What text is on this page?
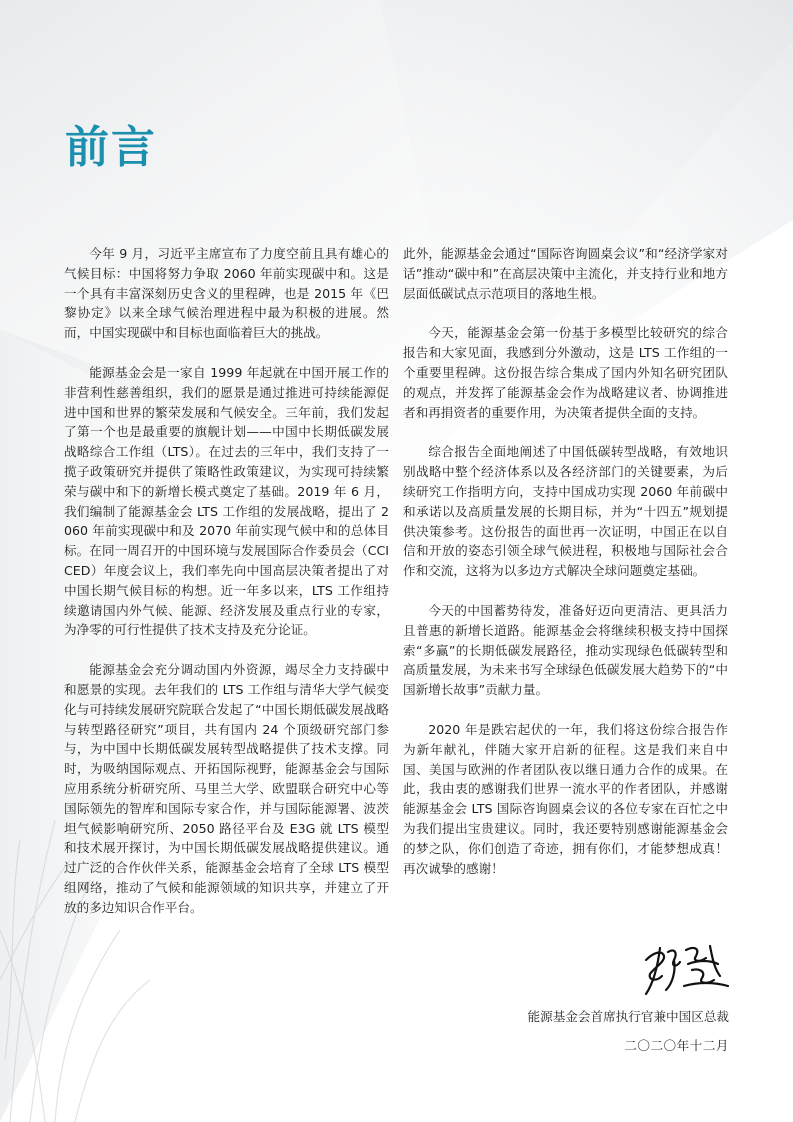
前言

今年 9 月，习近平主席宣布了力度空前且具有雄心的气候目标：中国将努力争取 2060 年前实现碳中和。这是一个具有丰富深刻历史含义的里程碑，也是 2015 年《巴黎协定》以来全球气候治理进程中最为积极的进展。然而，中国实现碳中和目标也面临着巨大的挑战。

能源基金会是一家自 1999 年起就在中国开展工作的非营利性慈善组织，我们的愿景是通过推进可持续能源促进中国和世界的繁荣发展和气候安全。三年前，我们发起了第一个也是最重要的旗舰计划——中国中长期低碳发展战略综合工作组（LTS）。在过去的三年中，我们支持了一揽子政策研究并提供了策略性政策建议，为实现可持续繁荣与碳中和下的新增长模式奠定了基础。2019 年 6 月，我们编制了能源基金会 LTS 工作组的发展战略，提出了 2060 年前实现碳中和及 2070 年前实现气候中和的总体目标。在同一周召开的中国环境与发展国际合作委员会（CCICED）年度会议上，我们率先向中国高层决策者提出了对中国长期气候目标的构想。近一年多以来，LTS 工作组持续邀请国内外气候、能源、经济发展及重点行业的专家，为净零的可行性提供了技术支持及充分论证。

能源基金会充分调动国内外资源，竭尽全力支持碳中和愿景的实现。去年我们的 LTS 工作组与清华大学气候变化与可持续发展研究院联合发起了“中国长期低碳发展战略与转型路径研究”项目，共有国内 24 个顶级研究部门参与，为中国中长期低碳发展转型战略提供了技术支撑。同时，为吸纳国际观点、开拓国际视野，能源基金会与国际应用系统分析研究所、马里兰大学、欧盟联合研究中心等国际领先的智库和国际专家合作，并与国际能源署、波茨坦气候影响研究所、2050 路径平台及 E3G 就 LTS 模型和技术展开探讨，为中国长期低碳发展战略提供建议。通过广泛的合作伙伴关系，能源基金会培育了全球 LTS 模型组网络，推动了气候和能源领域的知识共享，并建立了开放的多边知识合作平台。

此外，能源基金会通过“国际咨询圆桌会议”和“经济学家对话”推动“碳中和”在高层决策中主流化，并支持行业和地方层面低碳试点示范项目的落地生根。

今天，能源基金会第一份基于多模型比较研究的综合报告和大家见面，我感到分外激动，这是 LTS 工作组的一个重要里程碑。这份报告综合集成了国内外知名研究团队的观点，并发挥了能源基金会作为战略建议者、协调推进者和再捐资者的重要作用，为决策者提供全面的支持。

综合报告全面地阐述了中国低碳转型战略，有效地识别战略中整个经济体系以及各经济部门的关键要素，为后续研究工作指明方向，支持中国成功实现 2060 年前碳中和承诺以及高质量发展的长期目标，并为“十四五”规划提供决策参考。这份报告的面世再一次证明，中国正在以自信和开放的姿态引领全球气候进程，积极地与国际社会合作和交流，这将为以多边方式解决全球问题奠定基础。

今天的中国蓄势待发，准备好迈向更清洁、更具活力且普惠的新增长道路。能源基金会将继续积极支持中国探索“多赢”的长期低碳发展路径，推动实现绿色低碳转型和高质量发展，为未来书写全球绿色低碳发展大趋势下的“中国新增长故事”贡献力量。

2020 年是跌宕起伏的一年，我们将这份综合报告作为新年献礼，伴随大家开启新的征程。这是我们来自中国、美国与欧洲的作者团队夜以继日通力合作的成果。在此，我由衷的感谢我们世界一流水平的作者团队，并感谢能源基金会 LTS 国际咨询圆桌会议的各位专家在百忙之中为我们提出宝贵建议。同时，我还要特别感谢能源基金会的梦之队，你们创造了奇迹，拥有你们，才能梦想成真！再次诚挚的感谢！

能源基金会首席执行官兼中国区总裁
二〇二〇年十二月
